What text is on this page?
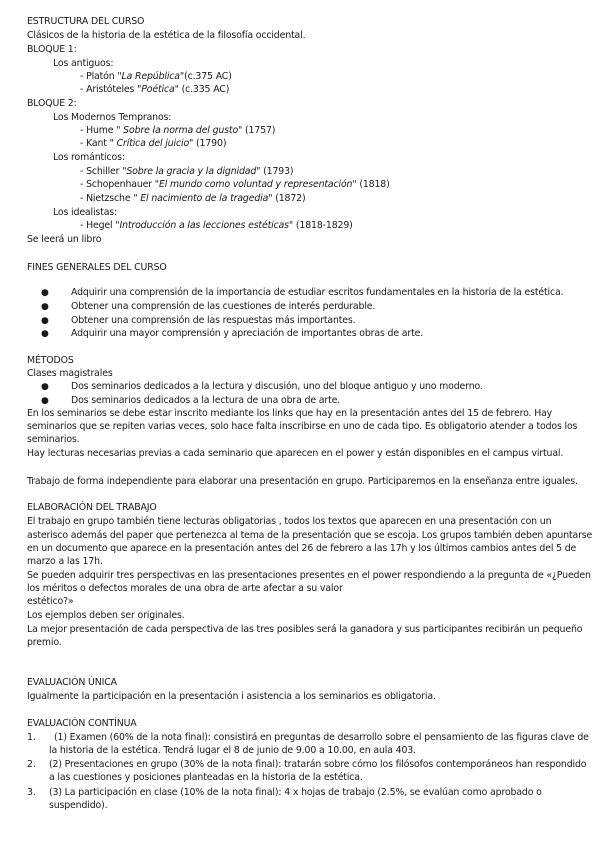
ESTRUCTURA DEL CURSO
Clásicos de la historia de la estética de la filosofía occidental.
BLOQUE 1:
Los antiguos:
- Platón "La República"(c.375 AC)
- Aristóteles "Poética" (c.335 AC)
BLOQUE 2:
Los Modernos Tempranos:
- Hume " Sobre la norma del gusto" (1757)
- Kant " Crítica del juicio" (1790)
Los románticos:
- Schiller "Sobre la gracia y la dignidad" (1793)
- Schopenhauer "El mundo como voluntad y representación" (1818)
- Nietzsche " El nacimiento de la tragedia" (1872)
Los idealistas:
- Hegel "Introducción a las lecciones estéticas" (1818-1829)
Se leerá un libro
FINES GENERALES DEL CURSO
● Adquirir una comprensión de la importancia de estudiar escritos fundamentales en la historia de la estética.
● Obtener una comprensión de las cuestiones de interés perdurable.
● Obtener una comprensión de las respuestas más importantes.
● Adquirir una mayor comprensión y apreciación de importantes obras de arte.
MÉTODOS
Clases magistrales
● Dos seminarios dedicados a la lectura y discusión, uno del bloque antiguo y uno moderno.
● Dos seminarios dedicados a la lectura de una obra de arte.
En los seminarios se debe estar inscrito mediante los links que hay en la presentación antes del 15 de febrero. Hay
seminarios que se repiten varias veces, solo hace falta inscribirse en uno de cada tipo. Es obligatorio atender a todos los
seminarios.
Hay lecturas necesarias previas a cada seminario que aparecen en el power y están disponibles en el campus virtual.
Trabajo de forma independiente para elaborar una presentación en grupo. Participaremos en la enseñanza entre iguales.
ELABORACIÓN DEL TRABAJO
El trabajo en grupo también tiene lecturas obligatorias , todos los textos que aparecen en una presentación con un
asterisco además del paper que pertenezca al tema de la presentación que se escoja. Los grupos también deben apuntarse
en un documento que aparece en la presentación antes del 26 de febrero a las 17h y los últimos cambios antes del 5 de
marzo a las 17h.
Se pueden adquirir tres perspectivas en las presentaciones presentes en el power respondiendo a la pregunta de «¿Pueden
los méritos o defectos morales de una obra de arte afectar a su valor
estético?»
Los ejemplos deben ser originales.
La mejor presentación de cada perspectiva de las tres posibles será la ganadora y sus participantes recibirán un pequeño
premio.
EVALUACIÓN ÚNICA
Igualmente la participación en la presentación i asistencia a los seminarios es obligatoria.
EVALUACIÓN CONTÍNUA
1. (1) Examen (60% de la nota final): consistirá en preguntas de desarrollo sobre el pensamiento de las figuras clave de
la historia de la estética. Tendrá lugar el 8 de junio de 9.00 a 10.00, en aula 403.
2. (2) Presentaciones en grupo (30% de la nota final): tratarán sobre cómo los filósofos contemporáneos han respondido
a las cuestiones y posiciones planteadas en la historia de la estética.
3. (3) La participación en clase (10% de la nota final): 4 x hojas de trabajo (2.5%, se evalúan como aprobado o
suspendido).
